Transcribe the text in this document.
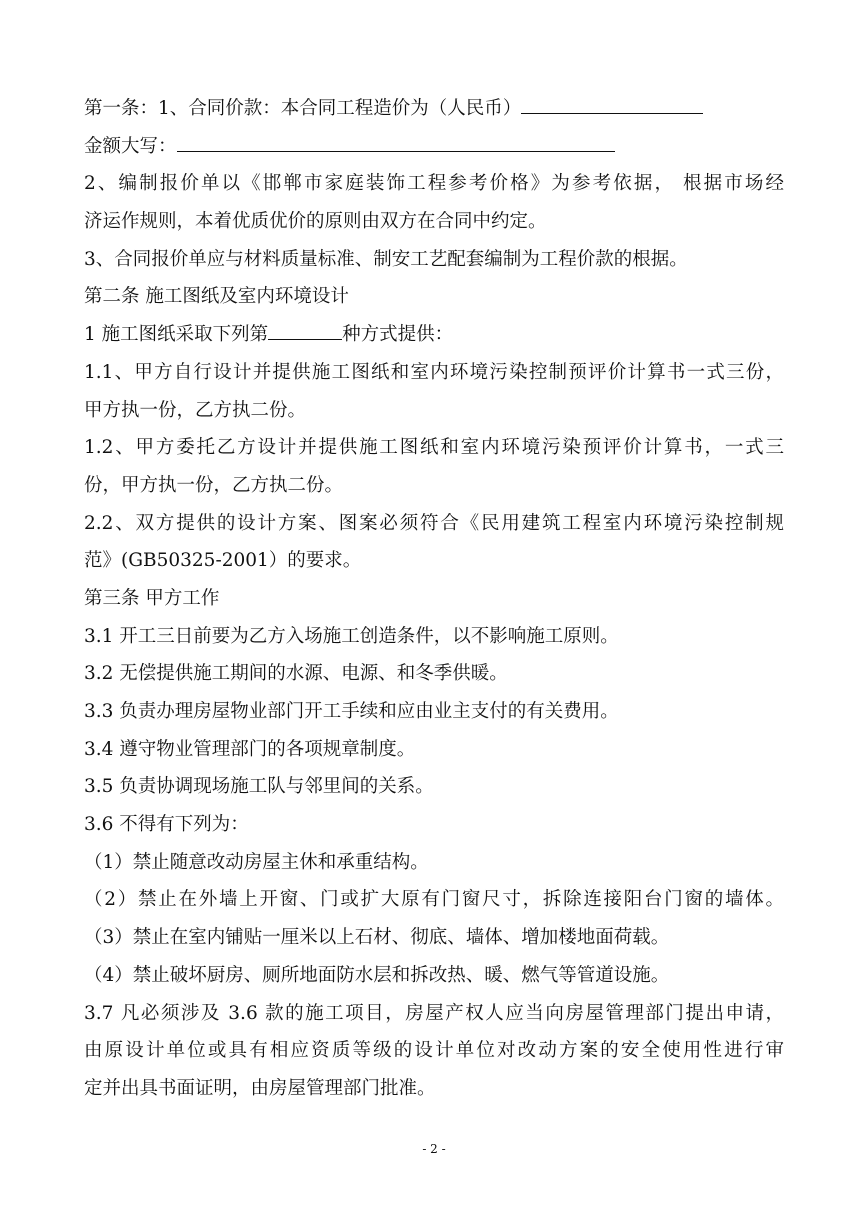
第一条：1、合同价款：本合同工程造价为（人民币）
金额大写：
2、编制报价单以《邯郸市家庭装饰工程参考价格》为参考依据， 根据市场经
济运作规则，本着优质优价的原则由双方在合同中约定。
3、合同报价单应与材料质量标准、制安工艺配套编制为工程价款的根据。
第二条 施工图纸及室内环境设计
1 施工图纸采取下列第	种方式提供：
1.1、甲方自行设计并提供施工图纸和室内环境污染控制预评价计算书一式三份，
甲方执一份，乙方执二份。
1.2、甲方委托乙方设计并提供施工图纸和室内环境污染预评价计算书，一式三
份，甲方执一份，乙方执二份。
2.2、双方提供的设计方案、图案必须符合《民用建筑工程室内环境污染控制规
范》(GB50325-2001）的要求。
第三条 甲方工作
3.1 开工三日前要为乙方入场施工创造条件，以不影响施工原则。
3.2 无偿提供施工期间的水源、电源、和冬季供暖。
3.3 负责办理房屋物业部门开工手续和应由业主支付的有关费用。
3.4 遵守物业管理部门的各项规章制度。
3.5 负责协调现场施工队与邻里间的关系。
3.6 不得有下列为：
（1）禁止随意改动房屋主休和承重结构。
（2）禁止在外墙上开窗、门或扩大原有门窗尺寸，拆除连接阳台门窗的墙体。
（3）禁止在室内铺贴一厘米以上石材、彻底、墙体、增加楼地面荷载。
（4）禁止破坏厨房、厕所地面防水层和拆改热、暖、燃气等管道设施。
3.7 凡必须涉及 3.6 款的施工项目，房屋产权人应当向房屋管理部门提出申请，
由原设计单位或具有相应资质等级的设计单位对改动方案的安全使用性进行审
定并出具书面证明，由房屋管理部门批准。
- 2 -
